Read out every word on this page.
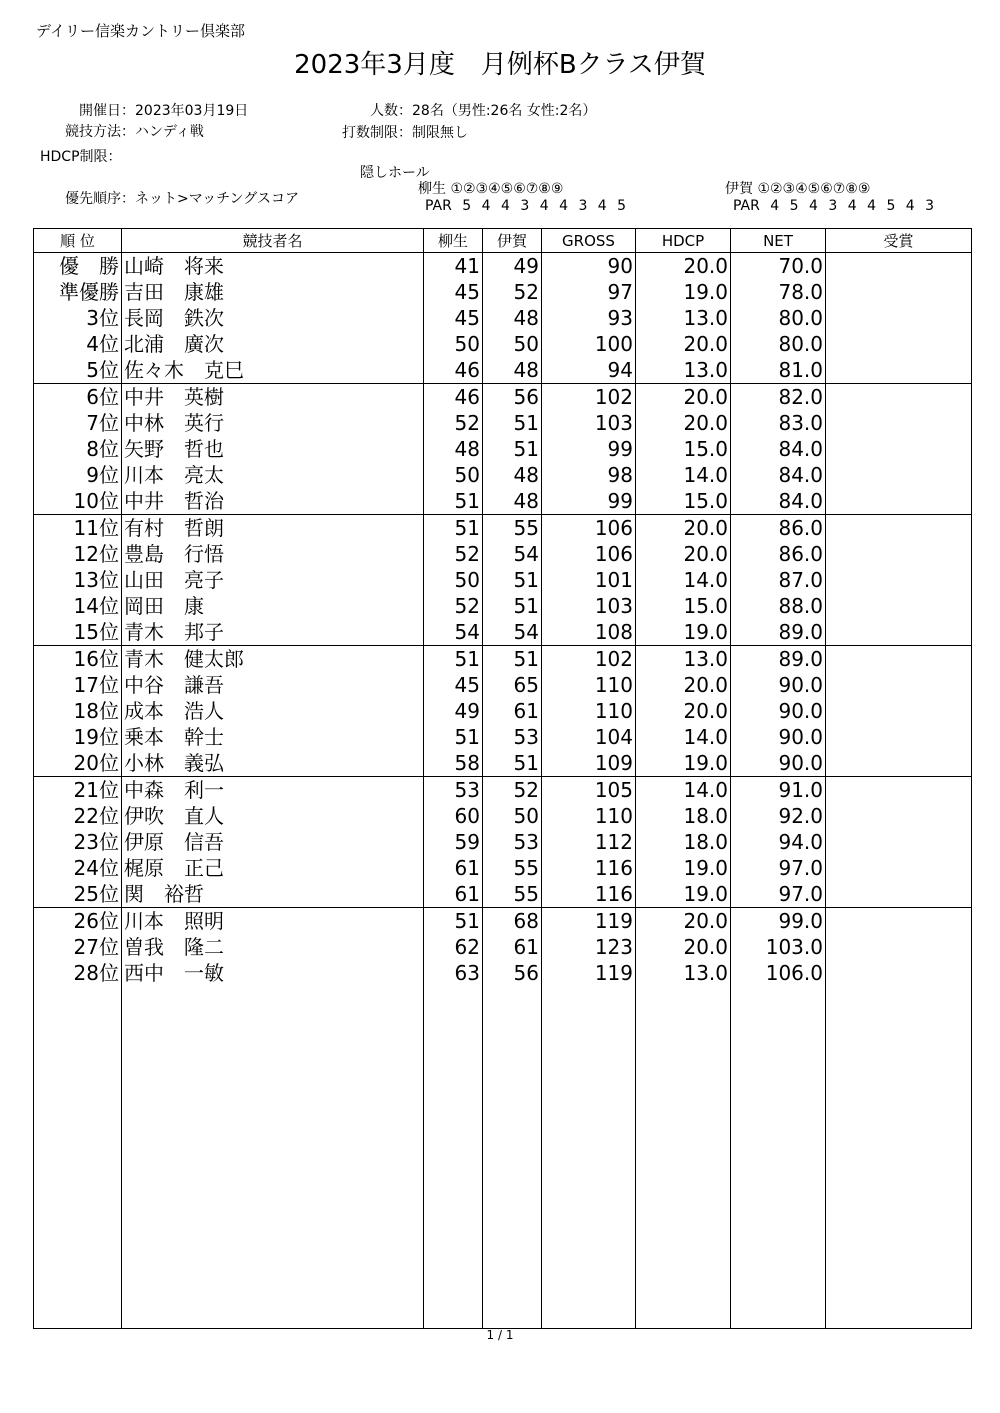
デイリー信楽カントリー倶楽部
2023年3月度　月例杯Bクラス伊賀
開催日：2023年03月19日	人数：28名（男性:26名 女性:2名）
競技方法：ハンディ戦	打数制限：制限無し
HDCP制限：
隠しホール
優先順序：ネット>マッチングスコア
柳生 ①②③④⑤⑥⑦⑧⑨
PAR 5 4 4 3 4 4 3 4 5
伊賀 ①②③④⑤⑥⑦⑧⑨
PAR 4 5 4 3 4 4 5 4 3
順 位	競技者名	柳生	伊賀	GROSS	HDCP	NET	受賞
優　勝	山崎　将来	41	49	90	20.0	70.0	
準優勝	吉田　康雄	45	52	97	19.0	78.0	
3位	長岡　鉄次	45	48	93	13.0	80.0	
4位	北浦　廣次	50	50	100	20.0	80.0	
5位	佐々木　克巳	46	48	94	13.0	81.0	
6位	中井　英樹	46	56	102	20.0	82.0	
7位	中林　英行	52	51	103	20.0	83.0	
8位	矢野　哲也	48	51	99	15.0	84.0	
9位	川本　亮太	50	48	98	14.0	84.0	
10位	中井　哲治	51	48	99	15.0	84.0	
11位	有村　哲朗	51	55	106	20.0	86.0	
12位	豊島　行悟	52	54	106	20.0	86.0	
13位	山田　亮子	50	51	101	14.0	87.0	
14位	岡田　康	52	51	103	15.0	88.0	
15位	青木　邦子	54	54	108	19.0	89.0	
16位	青木　健太郎	51	51	102	13.0	89.0	
17位	中谷　謙吾	45	65	110	20.0	90.0	
18位	成本　浩人	49	61	110	20.0	90.0	
19位	乗本　幹士	51	53	104	14.0	90.0	
20位	小林　義弘	58	51	109	19.0	90.0	
21位	中森　利一	53	52	105	14.0	91.0	
22位	伊吹　直人	60	50	110	18.0	92.0	
23位	伊原　信吾	59	53	112	18.0	94.0	
24位	梶原　正己	61	55	116	19.0	97.0	
25位	関　裕哲	61	55	116	19.0	97.0	
26位	川本　照明	51	68	119	20.0	99.0	
27位	曽我　隆二	62	61	123	20.0	103.0	
28位	西中　一敏	63	56	119	13.0	106.0	

1 / 1
